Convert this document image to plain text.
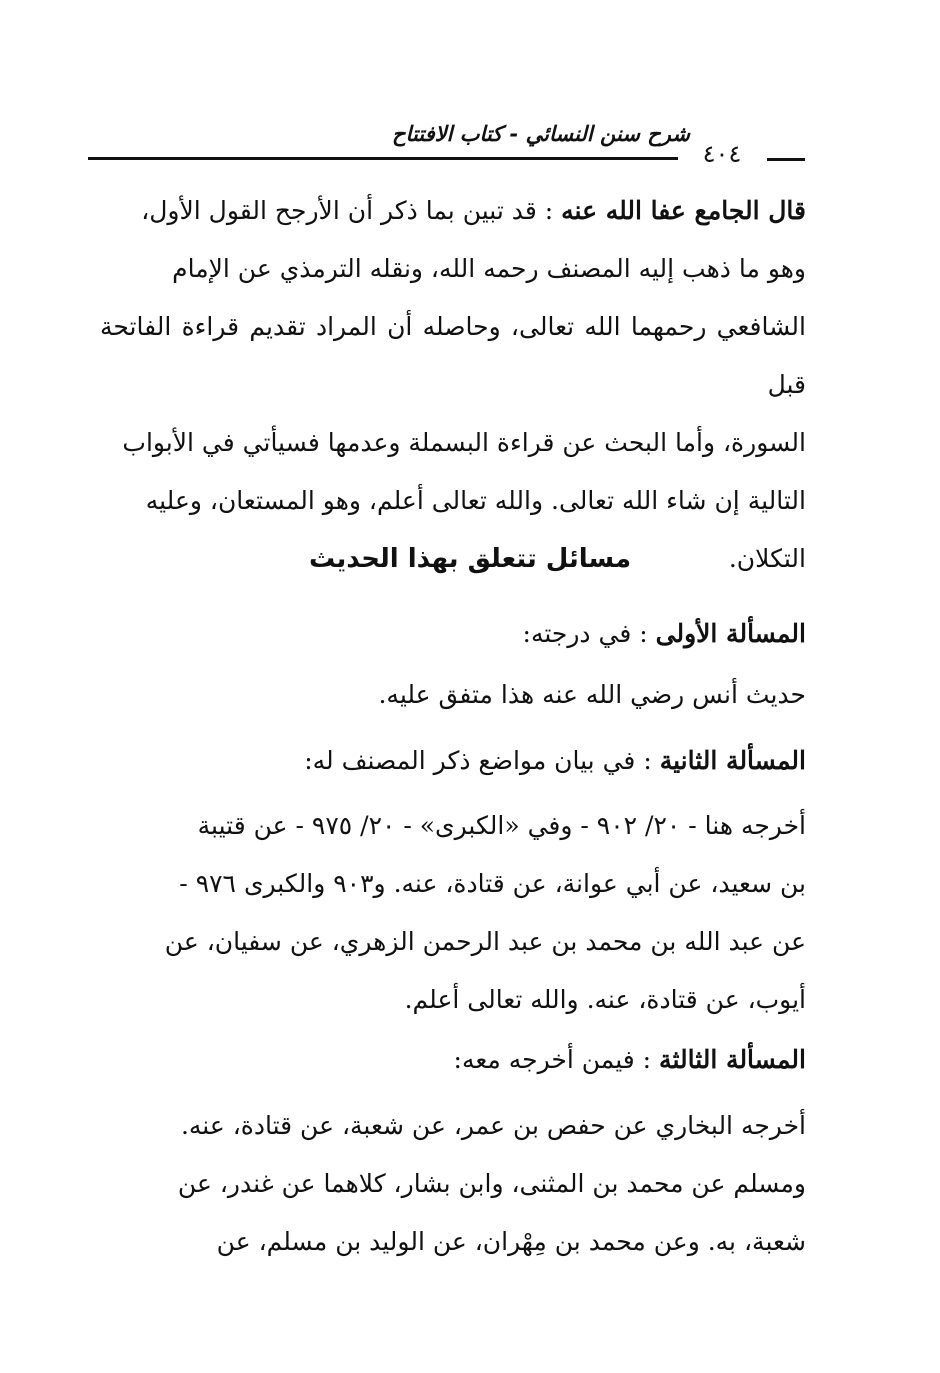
شرح سنن النسائي - كتاب الافتتاح
٤٠٤
قال الجامع عفا الله عنه : قد تبين بما ذكر أن الأرجح القول الأول،
وهو ما ذهب إليه المصنف رحمه الله، ونقله الترمذي عن الإمام
الشافعي رحمهما الله تعالى، وحاصله أن المراد تقديم قراءة الفاتحة قبل
السورة، وأما البحث عن قراءة البسملة وعدمها فسيأتي في الأبواب
التالية إن شاء الله تعالى. والله تعالى أعلم، وهو المستعان، وعليه
التكلان.
مسائل تتعلق بهذا الحديث
المسألة الأولى : في درجته:
حديث أنس رضي الله عنه هذا متفق عليه.
المسألة الثانية : في بيان مواضع ذكر المصنف له:
أخرجه هنا - ٢٠/ ٩٠٢ - وفي «الكبرى» - ٢٠/ ٩٧٥ - عن قتيبة
بن سعيد، عن أبي عوانة، عن قتادة، عنه. و٩٠٣ والكبرى ٩٧٦ -
عن عبد الله بن محمد بن عبد الرحمن الزهري، عن سفيان، عن
أيوب، عن قتادة، عنه. والله تعالى أعلم.
المسألة الثالثة : فيمن أخرجه معه:
أخرجه البخاري عن حفص بن عمر، عن شعبة، عن قتادة، عنه.
ومسلم عن محمد بن المثنى، وابن بشار، كلاهما عن غندر، عن
شعبة، به. وعن محمد بن مِهْران، عن الوليد بن مسلم، عن
